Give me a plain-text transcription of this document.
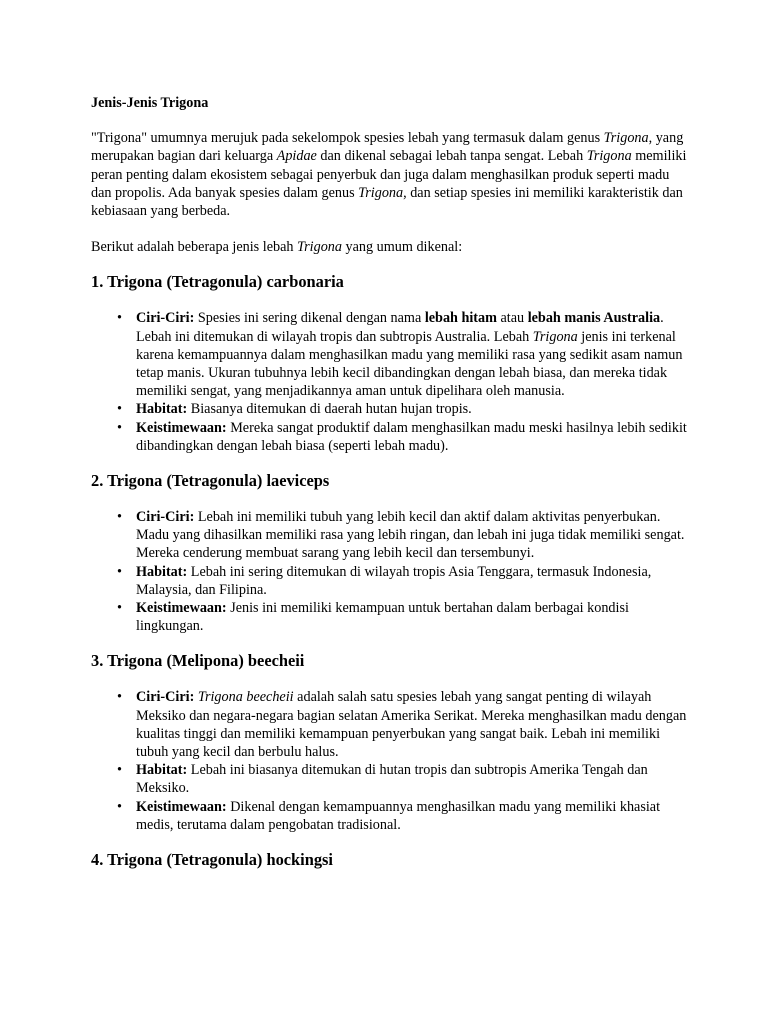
Jenis-Jenis Trigona

"Trigona" umumnya merujuk pada sekelompok spesies lebah yang termasuk dalam genus Trigona, yang merupakan bagian dari keluarga Apidae dan dikenal sebagai lebah tanpa sengat. Lebah Trigona memiliki peran penting dalam ekosistem sebagai penyerbuk dan juga dalam menghasilkan produk seperti madu dan propolis. Ada banyak spesies dalam genus Trigona, dan setiap spesies ini memiliki karakteristik dan kebiasaan yang berbeda.

Berikut adalah beberapa jenis lebah Trigona yang umum dikenal:

1. Trigona (Tetragonula) carbonaria
• Ciri-Ciri: Spesies ini sering dikenal dengan nama lebah hitam atau lebah manis Australia. Lebah ini ditemukan di wilayah tropis dan subtropis Australia. Lebah Trigona jenis ini terkenal karena kemampuannya dalam menghasilkan madu yang memiliki rasa yang sedikit asam namun tetap manis. Ukuran tubuhnya lebih kecil dibandingkan dengan lebah biasa, dan mereka tidak memiliki sengat, yang menjadikannya aman untuk dipelihara oleh manusia.
• Habitat: Biasanya ditemukan di daerah hutan hujan tropis.
• Keistimewaan: Mereka sangat produktif dalam menghasilkan madu meski hasilnya lebih sedikit dibandingkan dengan lebah biasa (seperti lebah madu).
2. Trigona (Tetragonula) laeviceps
• Ciri-Ciri: Lebah ini memiliki tubuh yang lebih kecil dan aktif dalam aktivitas penyerbukan. Madu yang dihasilkan memiliki rasa yang lebih ringan, dan lebah ini juga tidak memiliki sengat. Mereka cenderung membuat sarang yang lebih kecil dan tersembunyi.
• Habitat: Lebah ini sering ditemukan di wilayah tropis Asia Tenggara, termasuk Indonesia, Malaysia, dan Filipina.
• Keistimewaan: Jenis ini memiliki kemampuan untuk bertahan dalam berbagai kondisi lingkungan.
3. Trigona (Melipona) beecheii
• Ciri-Ciri: Trigona beecheii adalah salah satu spesies lebah yang sangat penting di wilayah Meksiko dan negara-negara bagian selatan Amerika Serikat. Mereka menghasilkan madu dengan kualitas tinggi dan memiliki kemampuan penyerbukan yang sangat baik. Lebah ini memiliki tubuh yang kecil dan berbulu halus.
• Habitat: Lebah ini biasanya ditemukan di hutan tropis dan subtropis Amerika Tengah dan Meksiko.
• Keistimewaan: Dikenal dengan kemampuannya menghasilkan madu yang memiliki khasiat medis, terutama dalam pengobatan tradisional.
4. Trigona (Tetragonula) hockingsi
